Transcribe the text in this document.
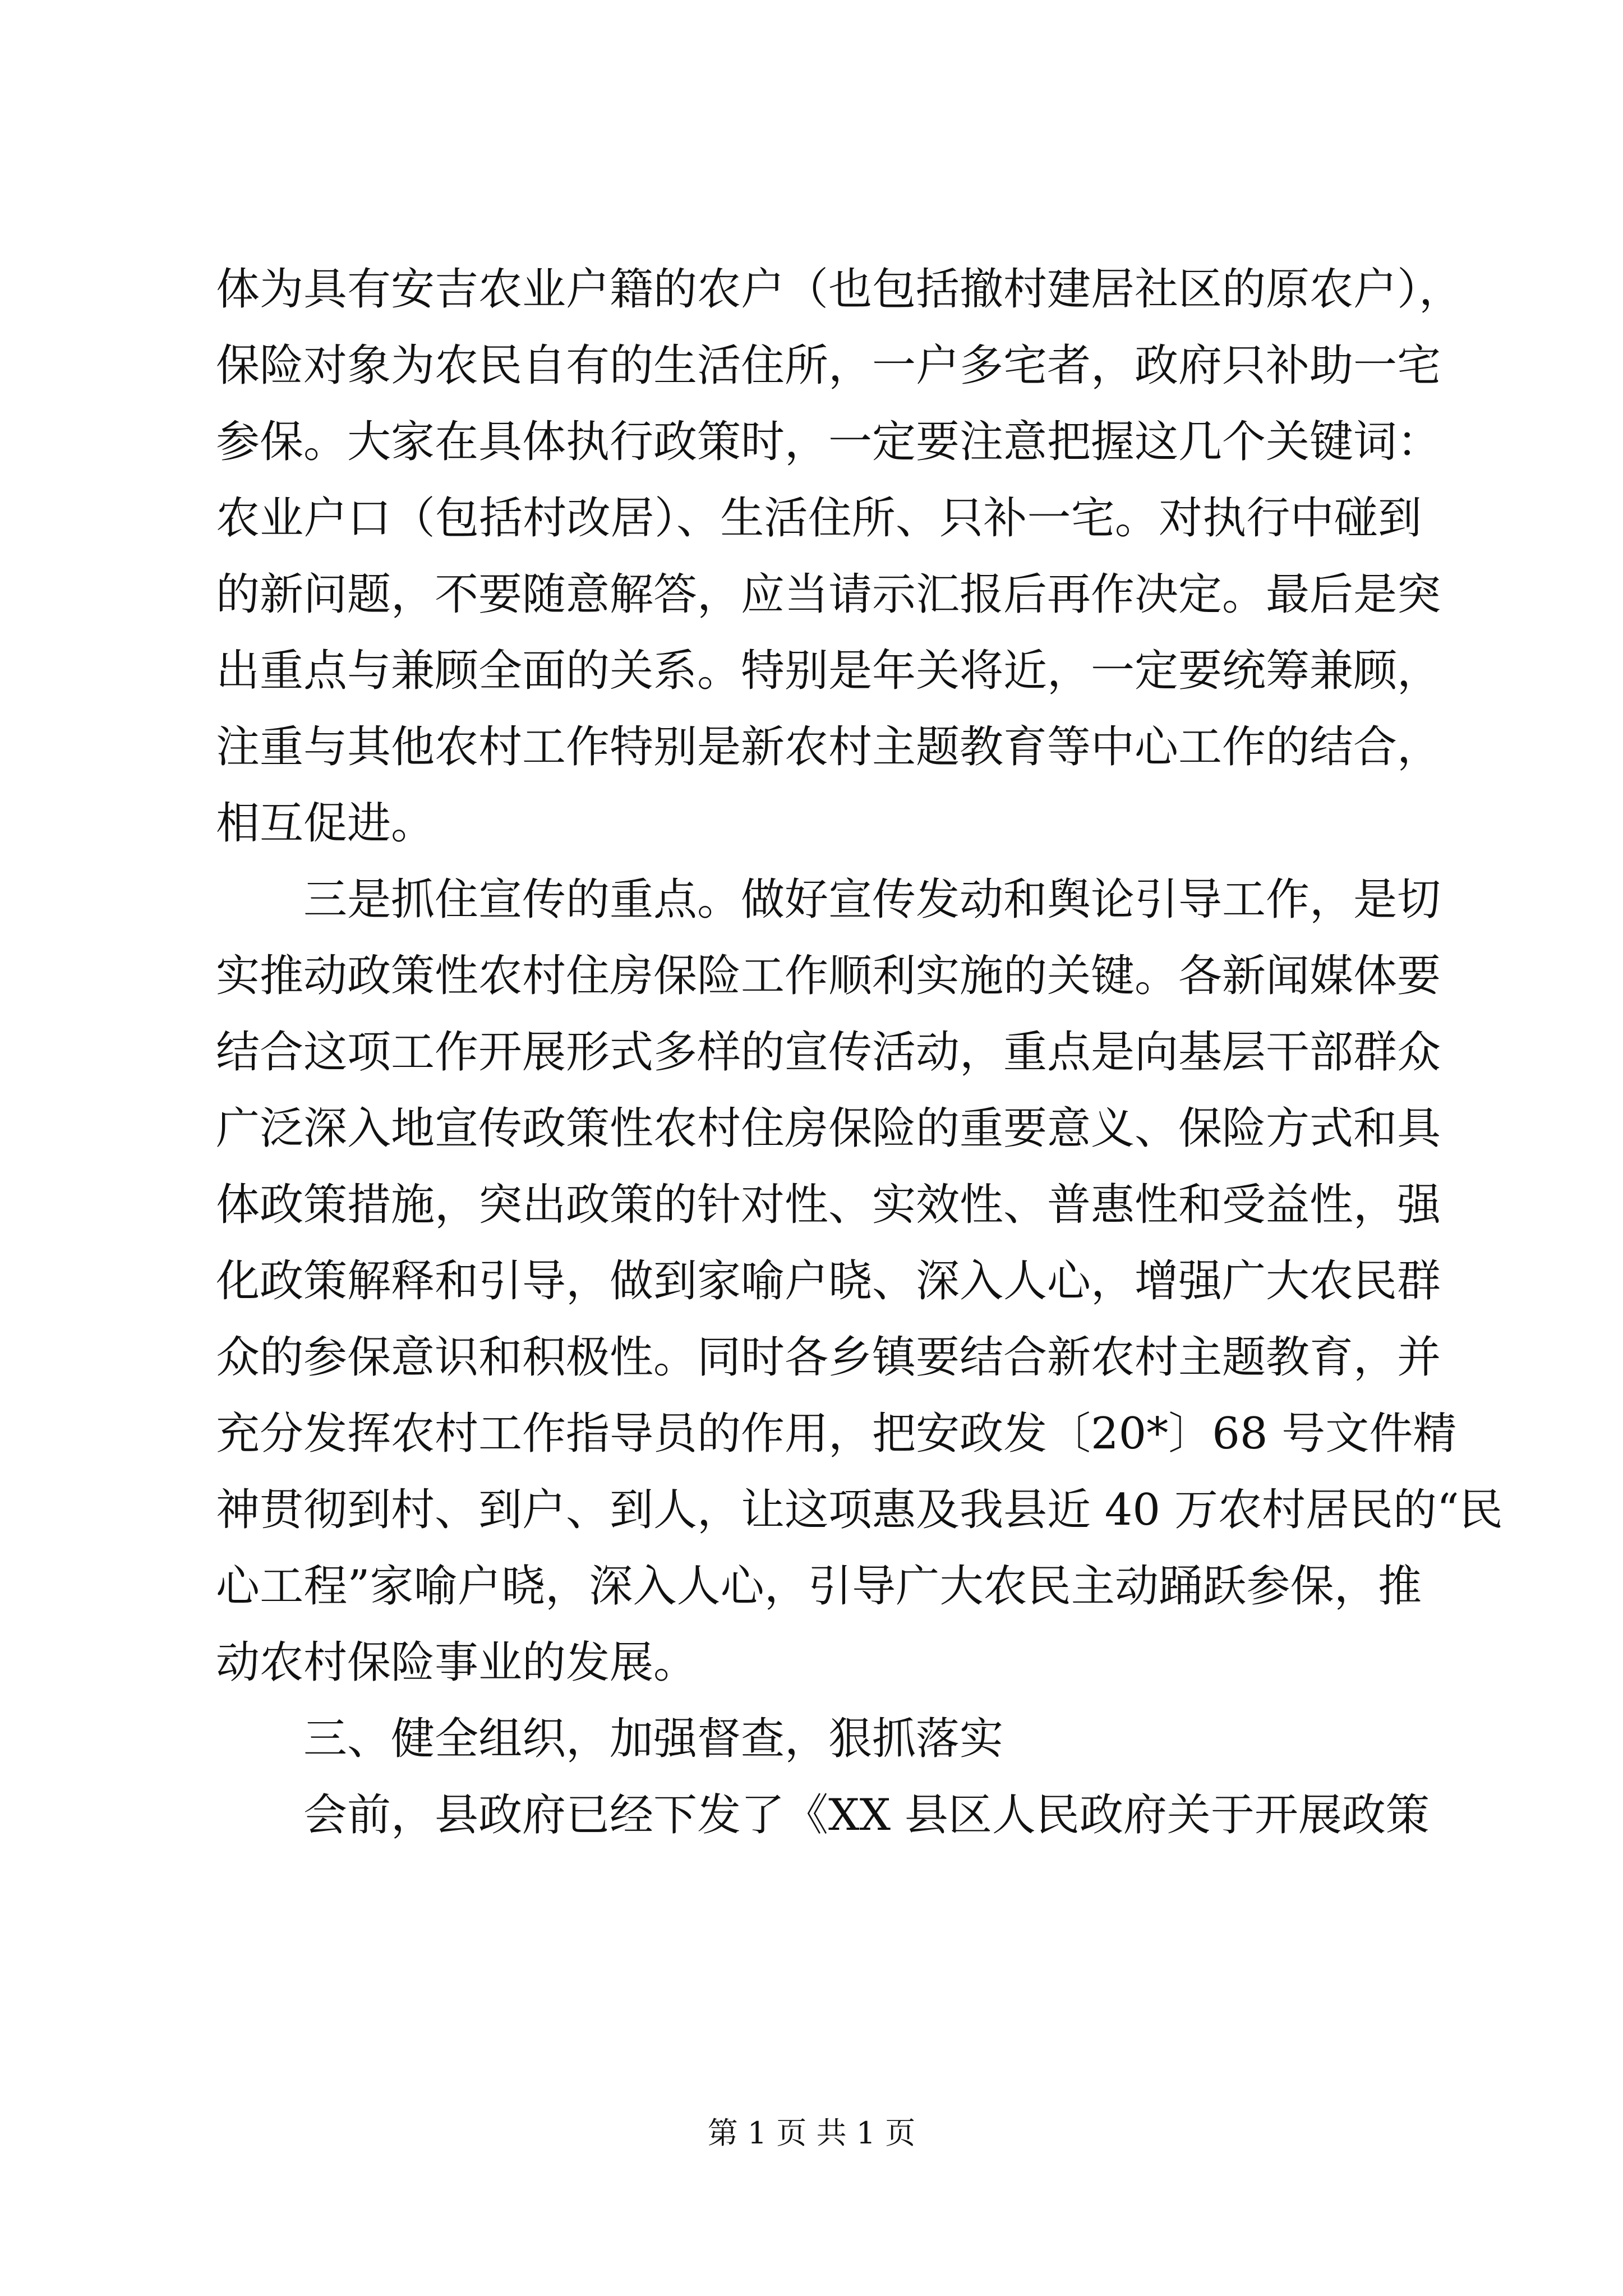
体为具有安吉农业户籍的农户（也包括撤村建居社区的原农户），
保险对象为农民自有的生活住所，一户多宅者，政府只补助一宅
参保。大家在具体执行政策时，一定要注意把握这几个关键词：
农业户口（包括村改居）、生活住所、只补一宅。对执行中碰到
的新问题，不要随意解答，应当请示汇报后再作决定。最后是突
出重点与兼顾全面的关系。特别是年关将近，一定要统筹兼顾，
注重与其他农村工作特别是新农村主题教育等中心工作的结合，
相互促进。
三是抓住宣传的重点。做好宣传发动和舆论引导工作，是切
实推动政策性农村住房保险工作顺利实施的关键。各新闻媒体要
结合这项工作开展形式多样的宣传活动，重点是向基层干部群众
广泛深入地宣传政策性农村住房保险的重要意义、保险方式和具
体政策措施，突出政策的针对性、实效性、普惠性和受益性，强
化政策解释和引导，做到家喻户晓、深入人心，增强广大农民群
众的参保意识和积极性。同时各乡镇要结合新农村主题教育，并
充分发挥农村工作指导员的作用，把安政发〔20*〕68 号文件精
神贯彻到村、到户、到人，让这项惠及我县近 40 万农村居民的“民
心工程”家喻户晓，深入人心，引导广大农民主动踊跃参保，推
动农村保险事业的发展。
三、健全组织，加强督查，狠抓落实
会前，县政府已经下发了《XX 县区人民政府关于开展政策
第 1 页 共 1 页
